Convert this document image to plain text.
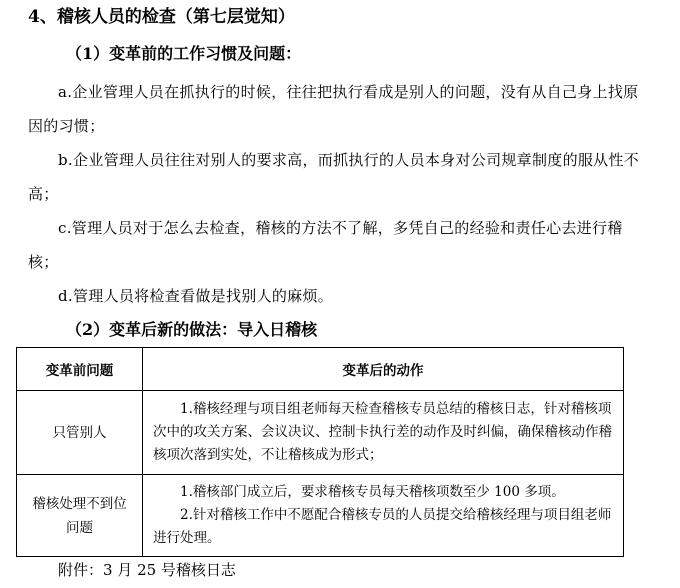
4、稽核人员的检查（第七层觉知）
（1）变革前的工作习惯及问题：
a.企业管理人员在抓执行的时候，往往把执行看成是别人的问题，没有从自己身上找原因的习惯；
b.企业管理人员往往对别人的要求高，而抓执行的人员本身对公司规章制度的服从性不高；
c.管理人员对于怎么去检查，稽核的方法不了解，多凭自己的经验和责任心去进行稽核；
d.管理人员将检查看做是找别人的麻烦。
（2）变革后新的做法：导入日稽核
变革前问题	变革后的动作
只管别人	1.稽核经理与项目组老师每天检查稽核专员总结的稽核日志，针对稽核项次中的攻关方案、会议决议、控制卡执行差的动作及时纠偏，确保稽核动作稽核项次落到实处，不让稽核成为形式；

稽核处理不到位问题	1.稽核部门成立后，要求稽核专员每天稽核项数至少 100 多项。

2.针对稽核工作中不愿配合稽核专员的人员提交给稽核经理与项目组老师进行处理。

附件：3 月 25 号稽核日志
